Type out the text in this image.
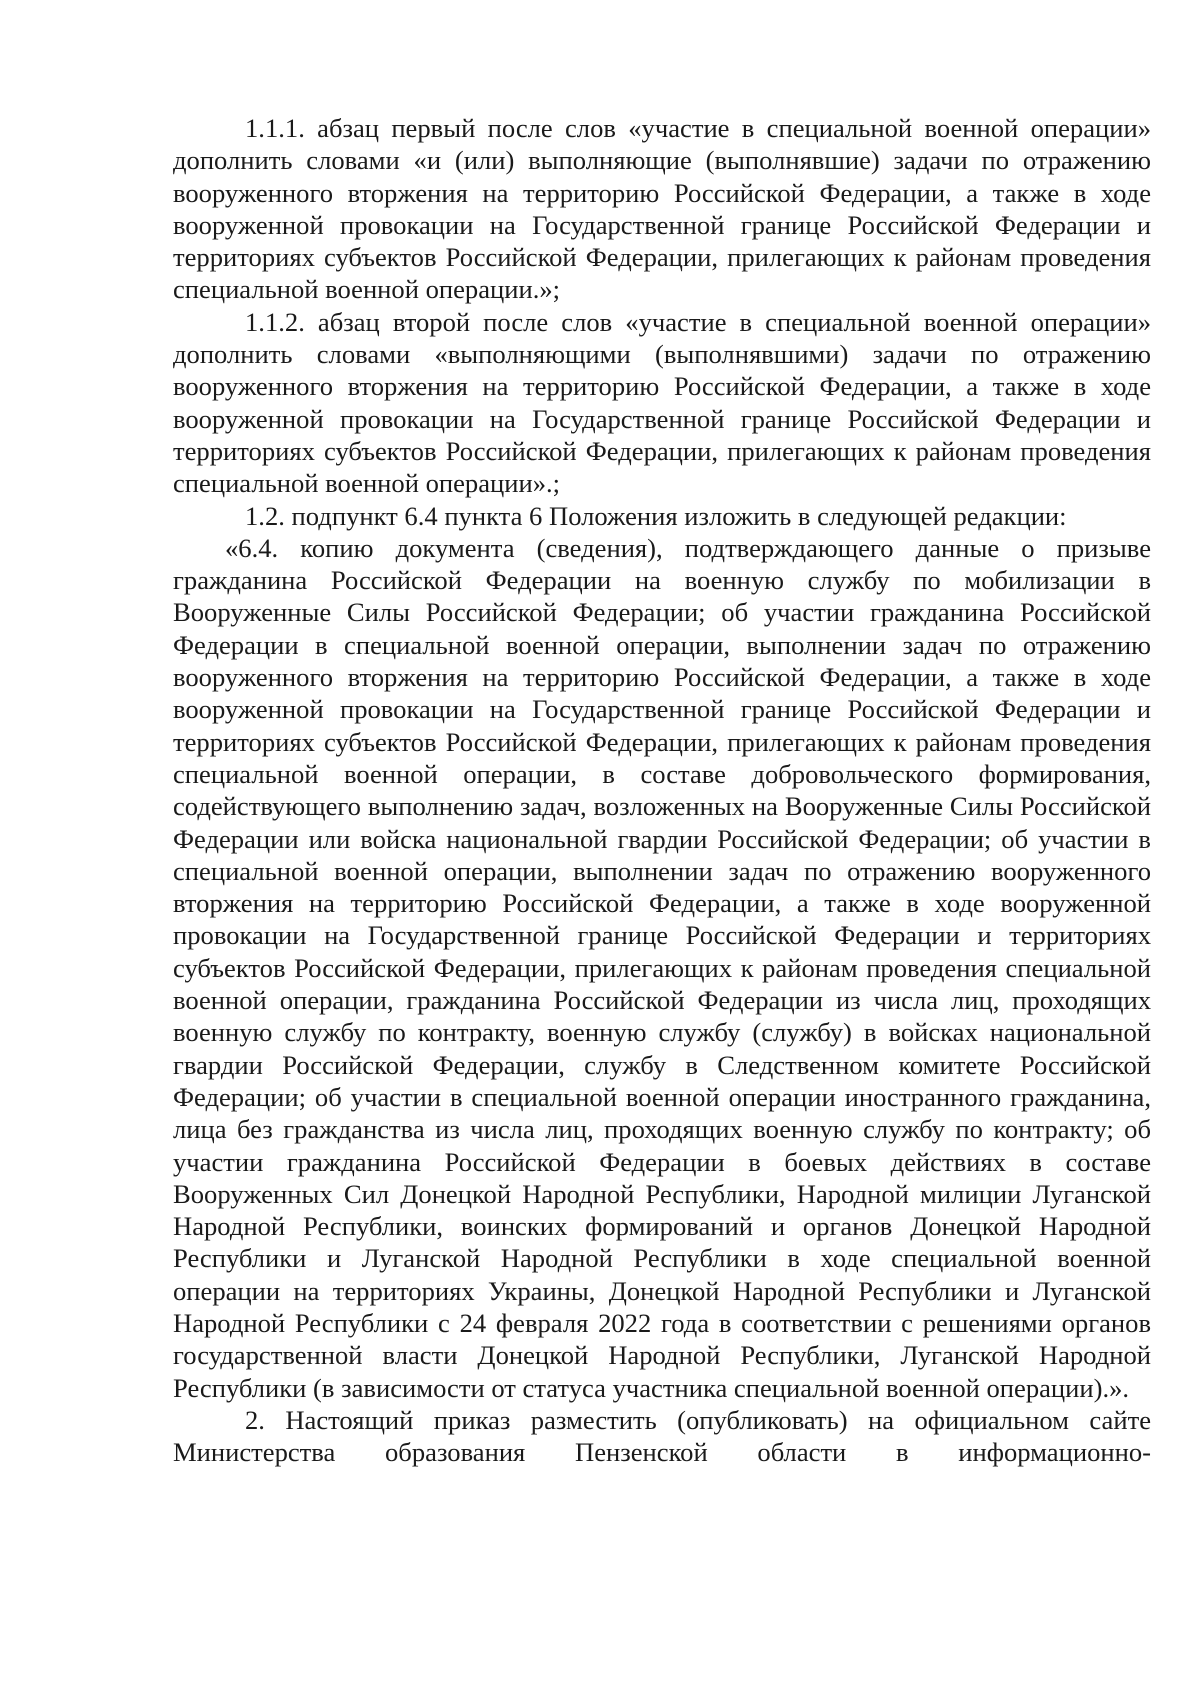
1.1.1. абзац первый после слов «участие в специальной военной операции» дополнить словами «и (или) выполняющие (выполнявшие) задачи по отражению вооруженного вторжения на территорию Российской Федерации, а также в ходе вооруженной провокации на Государственной границе Российской Федерации и территориях субъектов Российской Федерации, прилегающих к районам проведения специальной военной операции.»;

1.1.2. абзац второй после слов «участие в специальной военной операции» дополнить словами «выполняющими (выполнявшими) задачи по отражению вооруженного вторжения на территорию Российской Федерации, а также в ходе вооруженной провокации на Государственной границе Российской Федерации и территориях субъектов Российской Федерации, прилегающих к районам проведения специальной военной операции».;

1.2. подпункт 6.4 пункта 6 Положения изложить в следующей редакции:

«6.4. копию документа (сведения), подтверждающего данные о призыве гражданина Российской Федерации на военную службу по мобилизации в Вооруженные Силы Российской Федерации; об участии гражданина Российской Федерации в специальной военной операции, выполнении задач по отражению вооруженного вторжения на территорию Российской Федерации, а также в ходе вооруженной провокации на Государственной границе Российской Федерации и территориях субъектов Российской Федерации, прилегающих к районам проведения специальной военной операции, в составе добровольческого формирования, содействующего выполнению задач, возложенных на Вооруженные Силы Российской Федерации или войска национальной гвардии Российской Федерации; об участии в специальной военной операции, выполнении задач по отражению вооруженного вторжения на территорию Российской Федерации, а также в ходе вооруженной провокации на Государственной границе Российской Федерации и территориях субъектов Российской Федерации, прилегающих к районам проведения специальной военной операции, гражданина Российской Федерации из числа лиц, проходящих военную службу по контракту, военную службу (службу) в войсках национальной гвардии Российской Федерации, службу в Следственном комитете Российской Федерации; об участии в специальной военной операции иностранного гражданина, лица без гражданства из числа лиц, проходящих военную службу по контракту; об участии гражданина Российской Федерации в боевых действиях в составе Вооруженных Сил Донецкой Народной Республики, Народной милиции Луганской Народной Республики, воинских формирований и органов Донецкой Народной Республики и Луганской Народной Республики в ходе специальной военной операции на территориях Украины, Донецкой Народной Республики и Луганской Народной Республики с 24 февраля 2022 года в соответствии с решениями органов государственной власти Донецкой Народной Республики, Луганской Народной Республики (в зависимости от статуса участника специальной военной операции).».

2. Настоящий приказ разместить (опубликовать) на официальном сайте Министерства образования Пензенской области в информационно-
